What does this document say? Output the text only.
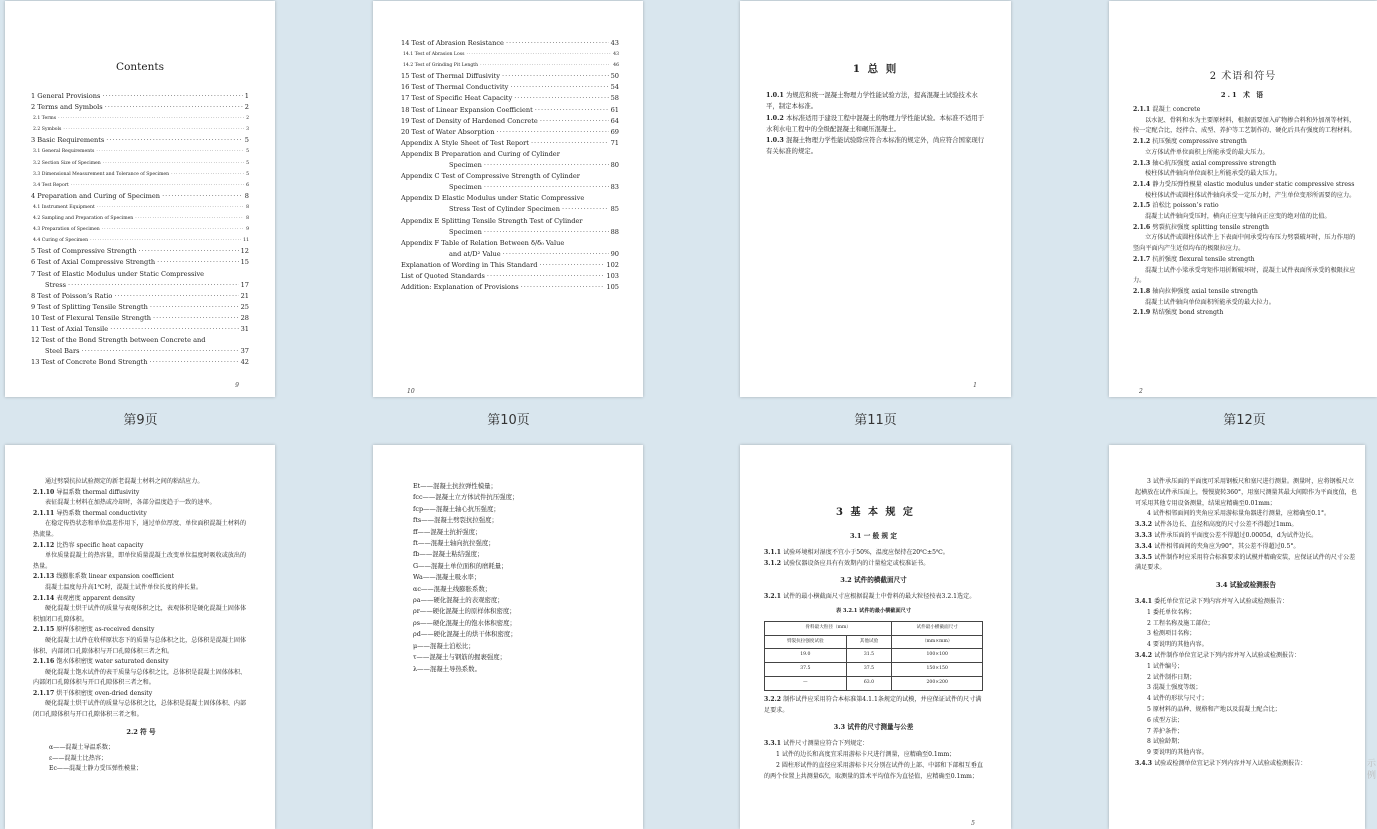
Contents
1 General Provisions ·····	1
2 Terms and Symbols ·····	2
2.1 Terms ·····	2
2.2 Symbols ·····	3
3 Basic Requirements ·····	5
3.1 General Requirements ·····	5
3.2 Section Size of Specimen ·····	5
3.3 Dimensional Measurement and Tolerance of Specimen ·····	5
3.4 Test Report ·····	6
4 Preparation and Curing of Specimen ·····	8
4.1 Instrument Equipment ·····	8
4.2 Sampling and Preparation of Specimen ·····	8
4.3 Preparation of Specimen ·····	9
4.4 Curing of Specimen ·····	11
5 Test of Compressive Strength ·····	12
6 Test of Axial Compressive Strength ·····	15
7 Test of Elastic Modulus under Static Compressive
Stress ·····	17
8 Test of Poisson’s Ratio ·····	21
9 Test of Splitting Tensile Strength ·····	25
10 Test of Flexural Tensile Strength ·····	28
11 Test of Axial Tensile ·····	31
12 Test of the Bond Strength between Concrete and
Steel Bars ·····	37
13 Test of Concrete Bond Strength ·····	42
9
第9页
14 Test of Abrasion Resistance ·····	43
14.1 Test of Abrasion Loss ·····	43
14.2 Test of Grinding Pit Length ·····	46
15 Test of Thermal Diffusivity ·····	50
16 Test of Thermal Conductivity ·····	54
17 Test of Specific Heat Capacity ·····	58
18 Test of Linear Expansion Coefficient ·····	61
19 Test of Density of Hardened Concrete ·····	64
20 Test of Water Absorption ·····	69
Appendix A Style Sheet of Test Report ·····	71
Appendix B Preparation and Curing of Cylinder
Specimen ·····	80
Appendix C Test of Compressive Strength of Cylinder
Specimen ·····	83
Appendix D Elastic Modulus under Static Compressive
Stress Test of Cylinder Specimen ·····	85
Appendix E Splitting Tensile Strength Test of Cylinder
Specimen ·····	88
Appendix F Table of Relation Between δ/δ₀ Value
and at/D² Value ·····	90
Explanation of Wording in This Standard ·····	102
List of Quoted Standards ·····	103
Addition: Explanation of Provisions ·····	105
10
第10页
1 总 则

1.0.1 为规范和统一混凝土物理力学性能试验方法，提高混凝土试验技术水平，制定本标准。

1.0.2 本标准适用于建设工程中混凝土的物理力学性能试验。本标准不适用于水利水电工程中的全级配混凝土和碾压混凝土。

1.0.3 混凝土物理力学性能试验除应符合本标准的规定外，尚应符合国家现行有关标准的规定。

1
第11页
2 术语和符号
2.1 术 语

2.1.1 混凝土 concrete

以水泥、骨料和水为主要原材料，根据需要加入矿物掺合料和外加剂等材料，按一定配合比，经拌合、成型、养护等工艺制作的、硬化后具有强度的工程材料。

2.1.2 抗压强度 compressive strength

立方体试件单位面积上所能承受的最大压力。

2.1.3 轴心抗压强度 axial compressive strength

棱柱体试件轴向单位面积上所能承受的最大压力。

2.1.4 静力受压弹性模量 elastic modulus under static compressive stress

棱柱体试件或圆柱体试件轴向承受一定压力时，产生单位变形所需要的应力。

2.1.5 泊松比 poisson’s ratio

混凝土试件轴向受压时，横向正应变与轴向正应变的绝对值的比值。

2.1.6 劈裂抗拉强度 splitting tensile strength

立方体试件或圆柱体试件上下表面中间承受均布压力劈裂破坏时，压力作用的竖向平面内产生近似均布的极限拉应力。

2.1.7 抗折强度 flexural tensile strength

混凝土试件小梁承受弯矩作用折断破坏时，混凝土试件表面所承受的极限拉应力。

2.1.8 轴向拉伸强度 axial tensile strength

混凝土试件轴向单位面积所能承受的最大拉力。

2.1.9 粘结强度 bond strength

2
第12页

通过劈裂抗拉试验测定的新老混凝土材料之间的粘结应力。

2.1.10 导温系数 thermal diffusivity

表征混凝土材料在加热或冷却时，各部分温度趋于一致的速率。

2.1.11 导热系数 thermal conductivity

在稳定传热状态和单位温差作用下，通过单位厚度、单位面积混凝土材料的热流量。

2.1.12 比热容 specific heat capacity

单位质量混凝土的热容量，即单位质量混凝土改变单位温度时吸收或放出的热量。

2.1.13 线膨胀系数 linear expansion coefficient

混凝土温度每升高1℃时，混凝土试件单位长度的伸长量。

2.1.14 表观密度 apparent density

硬化混凝土烘干试件的质量与表观体积之比，表观体积是硬化混凝土固体体积加闭口孔隙体积。

2.1.15 原样体积密度 as-received density

硬化混凝土试件在收样原状态下的质量与总体积之比，总体积是混凝土固体体积、内部闭口孔隙体积与开口孔隙体积三者之和。

2.1.16 饱水体积密度 water saturated density

硬化混凝土饱水试件的表干质量与总体积之比，总体积是混凝土固体体积、内部闭口孔隙体积与开口孔隙体积三者之和。

2.1.17 烘干体积密度 oven-dried density

硬化混凝土烘干试件的质量与总体积之比，总体积是混凝土固体体积、内部闭口孔隙体积与开口孔隙体积三者之和。

2.2 符 号

α——混凝土导温系数；

ε——混凝土比热容；

Ec——混凝土静力受压弹性模量；

Et——混凝土抗拉弹性模量；

fcc——混凝土立方体试件抗压强度；

fcp——混凝土轴心抗压强度；

fts——混凝土劈裂抗拉强度；

ff——混凝土抗折强度；

ft——混凝土轴向抗拉强度；

fb——混凝土粘结强度；

G——混凝土单位面积的磨耗量；

Wa——混凝土吸水率；

αc——混凝土线膨胀系数；

ρa——硬化混凝土的表观密度；

ρr——硬化混凝土的原样体积密度；

ρs——硬化混凝土的饱水体积密度；

ρd——硬化混凝土的烘干体积密度；

μ——混凝土泊松比；

τ——混凝土与钢筋的握裹强度；

λ——混凝土导热系数。

3 基 本 规 定
3.1 一 般 规 定

3.1.1 试验环境相对湿度不宜小于50%，温度应保持在20℃±5℃。

3.1.2 试验仪器设备应具有有效期内的计量检定或校准证书。

3.2 试件的横截面尺寸

3.2.1 试件的最小横截面尺寸应根据混凝土中骨料的最大粒径按表3.2.1选定。

表 3.2.1 试件的最小横截面尺寸
骨料最大粒径（mm）		试件最小横截面尺寸
劈裂抗拉强度试验	其他试验	（mm×mm）
19.0	31.5	100×100
37.5	37.5	150×150
—	63.0	200×200

3.2.2 制作试件应采用符合本标准第4.1.1条规定的试模，并应保证试件的尺寸满足要求。

3.3 试件的尺寸测量与公差

3.3.1 试件尺寸测量应符合下列规定：

1 试件的边长和高度宜采用游标卡尺进行测量，应精确至0.1mm；

2 圆柱形试件的直径应采用游标卡尺分别在试件的上部、中部和下部相互垂直的两个位置上共测量6次，取测量的算术平均值作为直径值，应精确至0.1mm；

5

3 试件承压面的平面度可采用钢板尺和塞尺进行测量。测量时，应将钢板尺立起横放在试件承压面上，慢慢旋转360°，用塞尺测量其最大间隙作为平面度值，也可采用其他专用设备测量，结果应精确至0.01mm；

4 试件相邻面间的夹角应采用游标量角器进行测量，应精确至0.1°。

3.3.2 试件各边长、直径和高度的尺寸公差不得超过1mm。

3.3.3 试件承压面的平面度公差不得超过0.0005d，d为试件边长。

3.3.4 试件相邻面间的夹角应为90°，其公差不得超过0.5°。

3.3.5 试件制作时应采用符合标准要求的试模并精确安装，应保证试件的尺寸公差满足要求。

3.4 试验或检测报告

3.4.1 委托单位宜记录下列内容并写入试验或检测报告：

1 委托单位名称；

2 工程名称及施工部位；

3 检测项目名称；

4 要说明的其他内容。

3.4.2 试件制作单位宜记录下列内容并写入试验或检测报告：

1 试件编号；

2 试件制作日期；

3 混凝土强度等级；

4 试件的形状与尺寸；

5 原材料的品种、规格和产地以及混凝土配合比；

6 成型方法；

7 养护条件；

8 试验龄期；

9 要说明的其他内容。

3.4.3 试验或检测单位宜记录下列内容并写入试验或检测报告：	示 例
